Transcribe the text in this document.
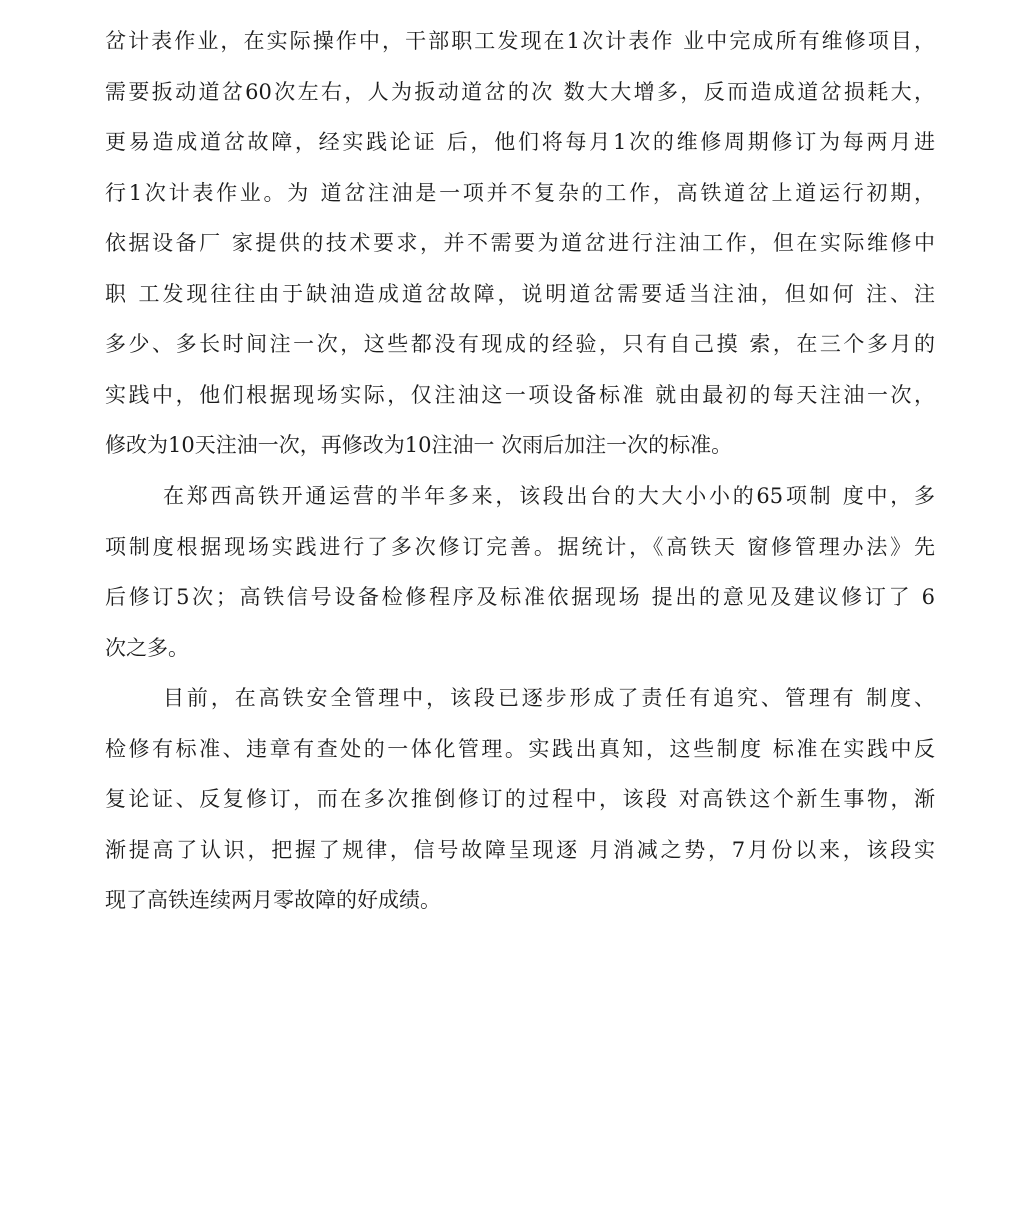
岔计表作业，在实际操作中，干部职工发现在1次计表作 业中完成所有维修项目，
需要扳动道岔60次左右，人为扳动道岔的次 数大大增多，反而造成道岔损耗大，
更易造成道岔故障，经实践论证 后，他们将每月1次的维修周期修订为每两月进
行1次计表作业。为 道岔注油是一项并不复杂的工作，高铁道岔上道运行初期，
依据设备厂 家提供的技术要求，并不需要为道岔进行注油工作，但在实际维修中
职 工发现往往由于缺油造成道岔故障，说明道岔需要适当注油，但如何 注、注
多少、多长时间注一次，这些都没有现成的经验，只有自己摸 索，在三个多月的
实践中，他们根据现场实际，仅注油这一项设备标准 就由最初的每天注油一次，
修改为10天注油一次，再修改为10注油一 次雨后加注一次的标准。
在郑西高铁开通运营的半年多来，该段出台的大大小小的65项制 度中，多
项制度根据现场实践进行了多次修订完善。据统计，《高铁天 窗修管理办法》先
后修订5次；高铁信号设备检修程序及标准依据现场 提出的意见及建议修订了 6
次之多。
目前，在高铁安全管理中，该段已逐步形成了责任有追究、管理有 制度、
检修有标准、违章有查处的一体化管理。实践出真知，这些制度 标准在实践中反
复论证、反复修订，而在多次推倒修订的过程中，该段 对高铁这个新生事物，渐
渐提高了认识，把握了规律，信号故障呈现逐 月消减之势，7月份以来，该段实
现了高铁连续两月零故障的好成绩。
